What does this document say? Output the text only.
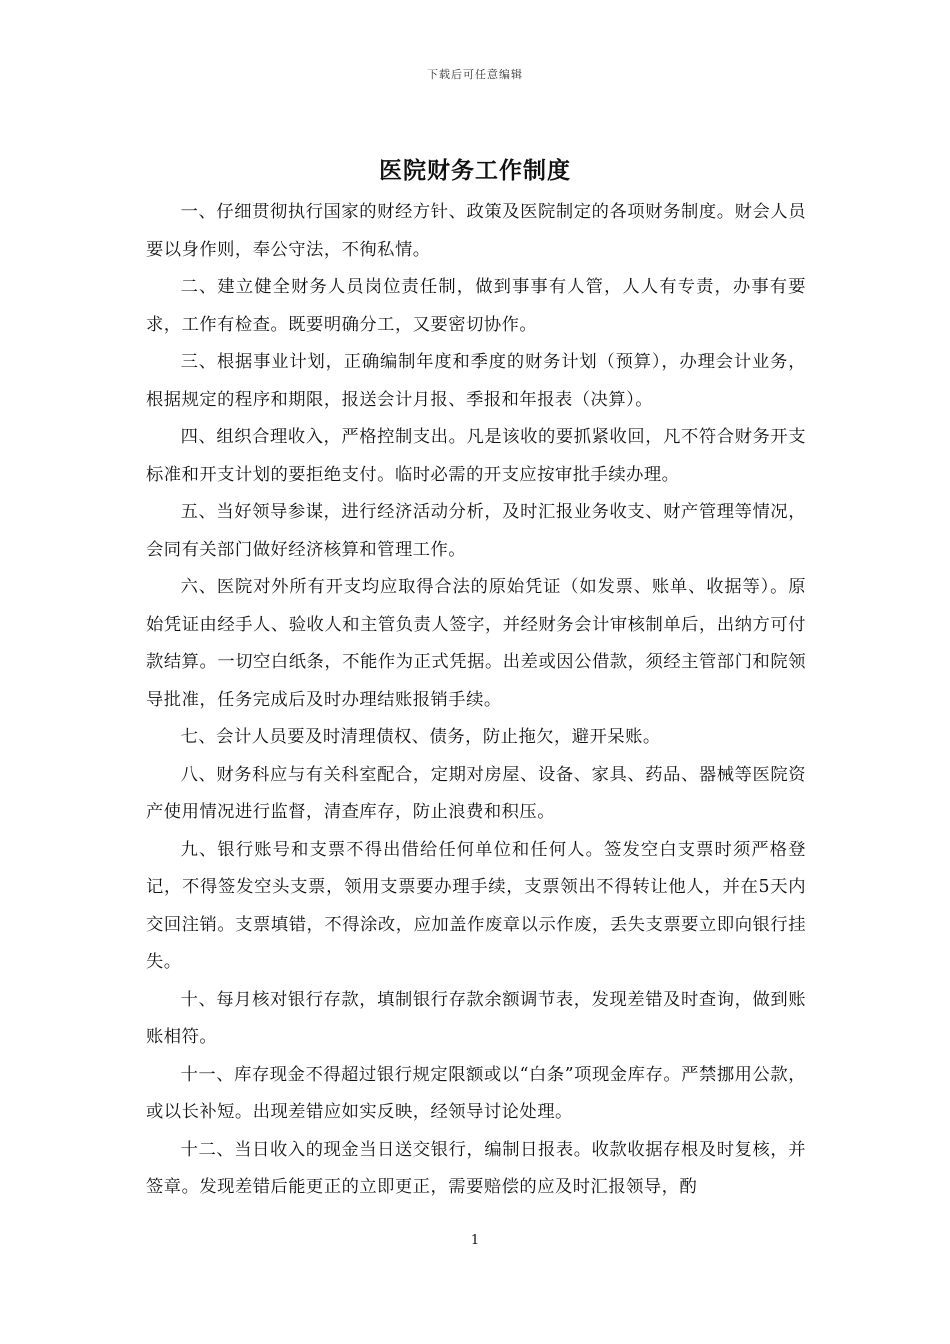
下载后可任意编辑
医院财务工作制度

一、仔细贯彻执行国家的财经方针、政策及医院制定的各项财务制度。财会人员要以身作则，奉公守法，不徇私情。

二、建立健全财务人员岗位责任制，做到事事有人管，人人有专责，办事有要求，工作有检查。既要明确分工，又要密切协作。

三、根据事业计划，正确编制年度和季度的财务计划（预算），办理会计业务，根据规定的程序和期限，报送会计月报、季报和年报表（决算）。

四、组织合理收入，严格控制支出。凡是该收的要抓紧收回，凡不符合财务开支标准和开支计划的要拒绝支付。临时必需的开支应按审批手续办理。

五、当好领导参谋，进行经济活动分析，及时汇报业务收支、财产管理等情况，会同有关部门做好经济核算和管理工作。

六、医院对外所有开支均应取得合法的原始凭证（如发票、账单、收据等）。原始凭证由经手人、验收人和主管负责人签字，并经财务会计审核制单后，出纳方可付款结算。一切空白纸条，不能作为正式凭据。出差或因公借款，须经主管部门和院领导批准，任务完成后及时办理结账报销手续。

七、会计人员要及时清理债权、债务，防止拖欠，避开呆账。

八、财务科应与有关科室配合，定期对房屋、设备、家具、药品、器械等医院资产使用情况进行监督，清查库存，防止浪费和积压。

九、银行账号和支票不得出借给任何单位和任何人。签发空白支票时须严格登记，不得签发空头支票，领用支票要办理手续，支票领出不得转让他人，并在5天内交回注销。支票填错，不得涂改，应加盖作废章以示作废，丢失支票要立即向银行挂失。

十、每月核对银行存款，填制银行存款余额调节表，发现差错及时查询，做到账账相符。

十一、库存现金不得超过银行规定限额或以“白条”项现金库存。严禁挪用公款，或以长补短。出现差错应如实反映，经领导讨论处理。

十二、当日收入的现金当日送交银行，编制日报表。收款收据存根及时复核，并签章。发现差错后能更正的立即更正，需要赔偿的应及时汇报领导，酌

1
